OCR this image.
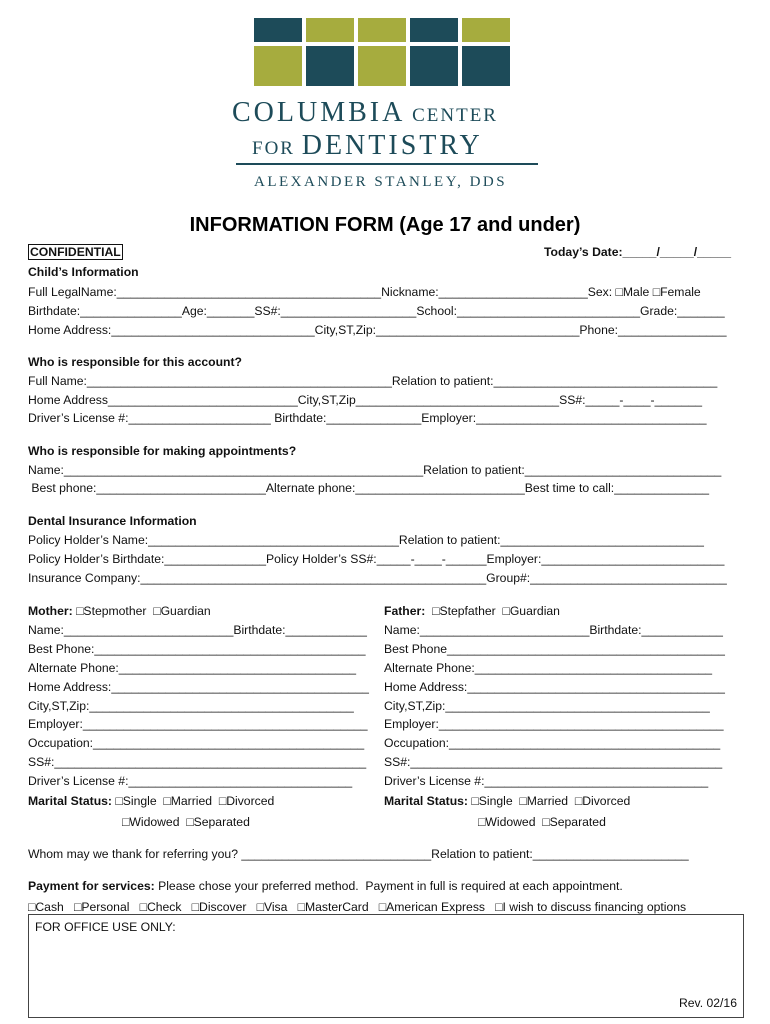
COLUMBIA CENTER
FOR DENTISTRY
ALEXANDER STANLEY, DDS
INFORMATION FORM (Age 17 and under)
CONFIDENTIAL	Today’s Date:_____/_____/_____
Child’s Information
Full LegalName:_______________________________________Nickname:______________________Sex: □Male □Female
Birthdate:_______________Age:_______SS#:____________________School:___________________________Grade:_______
Home Address:______________________________City,ST,Zip:______________________________Phone:________________
Who is responsible for this account?
Full Name:_____________________________________________Relation to patient:_________________________________
Home Address____________________________City,ST,Zip______________________________SS#:_____-____-_______
Driver’s License #:_____________________ Birthdate:______________Employer:__________________________________
Who is responsible for making appointments?
Name:_____________________________________________________Relation to patient:_____________________________
Best phone:_________________________Alternate phone:_________________________Best time to call:______________
Dental Insurance Information
Policy Holder’s Name:_____________________________________Relation to patient:______________________________
Policy Holder’s Birthdate:_______________Policy Holder’s SS#:_____-____-______Employer:___________________________
Insurance Company:___________________________________________________Group#:_____________________________
Mother: □Stepmother  □Guardian
Name:_________________________Birthdate:____________
Best Phone:________________________________________
Alternate Phone:___________________________________
Home Address:______________________________________
City,ST,Zip:_______________________________________
Employer:__________________________________________
Occupation:________________________________________
SS#:______________________________________________
Driver’s License #:_________________________________
Marital Status: □Single  □Married  □Divorced
□Widowed  □Separated
Father:  □Stepfather  □Guardian
Name:_________________________Birthdate:____________
Best Phone_________________________________________
Alternate Phone:___________________________________
Home Address:______________________________________
City,ST,Zip:_______________________________________
Employer:__________________________________________
Occupation:________________________________________
SS#:______________________________________________
Driver’s License #:_________________________________
Marital Status: □Single  □Married  □Divorced
□Widowed  □Separated
Whom may we thank for referring you? ____________________________Relation to patient:_______________________
Payment for services: Please chose your preferred method.  Payment in full is required at each appointment.
□Cash   □Personal   □Check   □Discover   □Visa   □MasterCard   □American Express   □I wish to discuss financing options
FOR OFFICE USE ONLY:
Rev. 02/16
